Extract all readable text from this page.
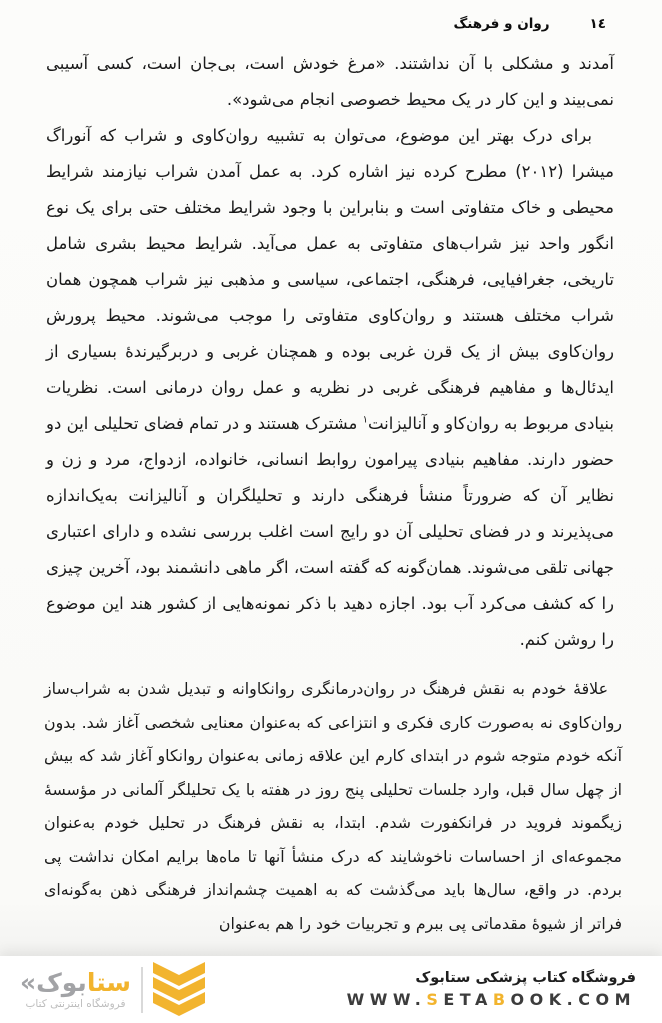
١٤
روان و فرهنگ

آمدند و مشکلی با آن نداشتند. «مرغ خودش است، بی‌جان است، کسی آسیبی نمی‌بیند و این کار در یک محیط خصوصی انجام می‌شود».

برای درک بهتر این موضوع، می‌توان به تشبیه روان‌کاوی و شراب که آنوراگ میشرا (٢٠١٢) مطرح کرده نیز اشاره کرد. به عمل آمدن شراب نیازمند شرایط محیطی و خاک متفاوتی است و بنابراین با وجود شرایط مختلف حتی برای یک نوع انگور واحد نیز شراب‌های متفاوتی به عمل می‌آید. شرایط محیط بشری شامل تاریخی، جغرافیایی، فرهنگی، اجتماعی، سیاسی و مذهبی نیز شراب همچون همان شراب مختلف هستند و روان‌کاوی متفاوتی را موجب می‌شوند. محیط پرورش روان‌کاوی بیش از یک قرن غربی بوده و همچنان غربی و دربرگیرندهٔ بسیاری از ایدئال‌ها و مفاهیم فرهنگی غربی در نظریه و عمل روان درمانی است. نظریات بنیادی مربوط به روان‌کاو و آنالیزانت$^۱$ مشترک هستند و در تمام فضای تحلیلی این دو حضور دارند. مفاهیم بنیادی پیرامون روابط انسانی، خانواده، ازدواج، مرد و زن و نظایر آن که ضرورتاً منشأ فرهنگی دارند و تحلیلگران و آنالیزانت به‌یک‌اندازه می‌پذیرند و در فضای تحلیلی آن دو رایج است اغلب بررسی نشده و دارای اعتباری جهانی تلقی می‌شوند. همان‌گونه که گفته است، اگر ماهی دانشمند بود، آخرین چیزی را که کشف می‌کرد آب بود. اجازه دهید با ذکر نمونه‌هایی از کشور هند این موضوع را روشن کنم.

علاقهٔ خودم به نقش فرهنگ در روان‌درمانگری روانکاوانه و تبدیل شدن به شراب‌ساز روان‌کاوی نه به‌صورت کاری فکری و انتزاعی که به‌عنوان معنایی شخصی آغاز شد. بدون آنکه خودم متوجه شوم در ابتدای کارم این علاقه زمانی به‌عنوان روانکاو آغاز شد که بیش از چهل سال قبل، وارد جلسات تحلیلی پنج روز در هفته با یک تحلیلگر آلمانی در مؤسسهٔ زیگموند فروید در فرانکفورت شدم. ابتدا، به نقش فرهنگ در تحلیل خودم به‌عنوان مجموعه‌ای از احساسات ناخوشایند که درک منشأ آنها تا ماه‌ها برایم امکان نداشت پی بردم. در واقع، سال‌ها باید می‌گذشت که به اهمیت چشم‌انداز فرهنگی ذهن به‌گونه‌ای فراتر از شیوهٔ مقدماتی پی ببرم و تجربیات خود را هم به‌عنوان
ستابوک«
فروشگاه اینترنتی کتاب
فروشگاه کتاب پزشکی ستابوک
WWW.SETABOOK.COM
